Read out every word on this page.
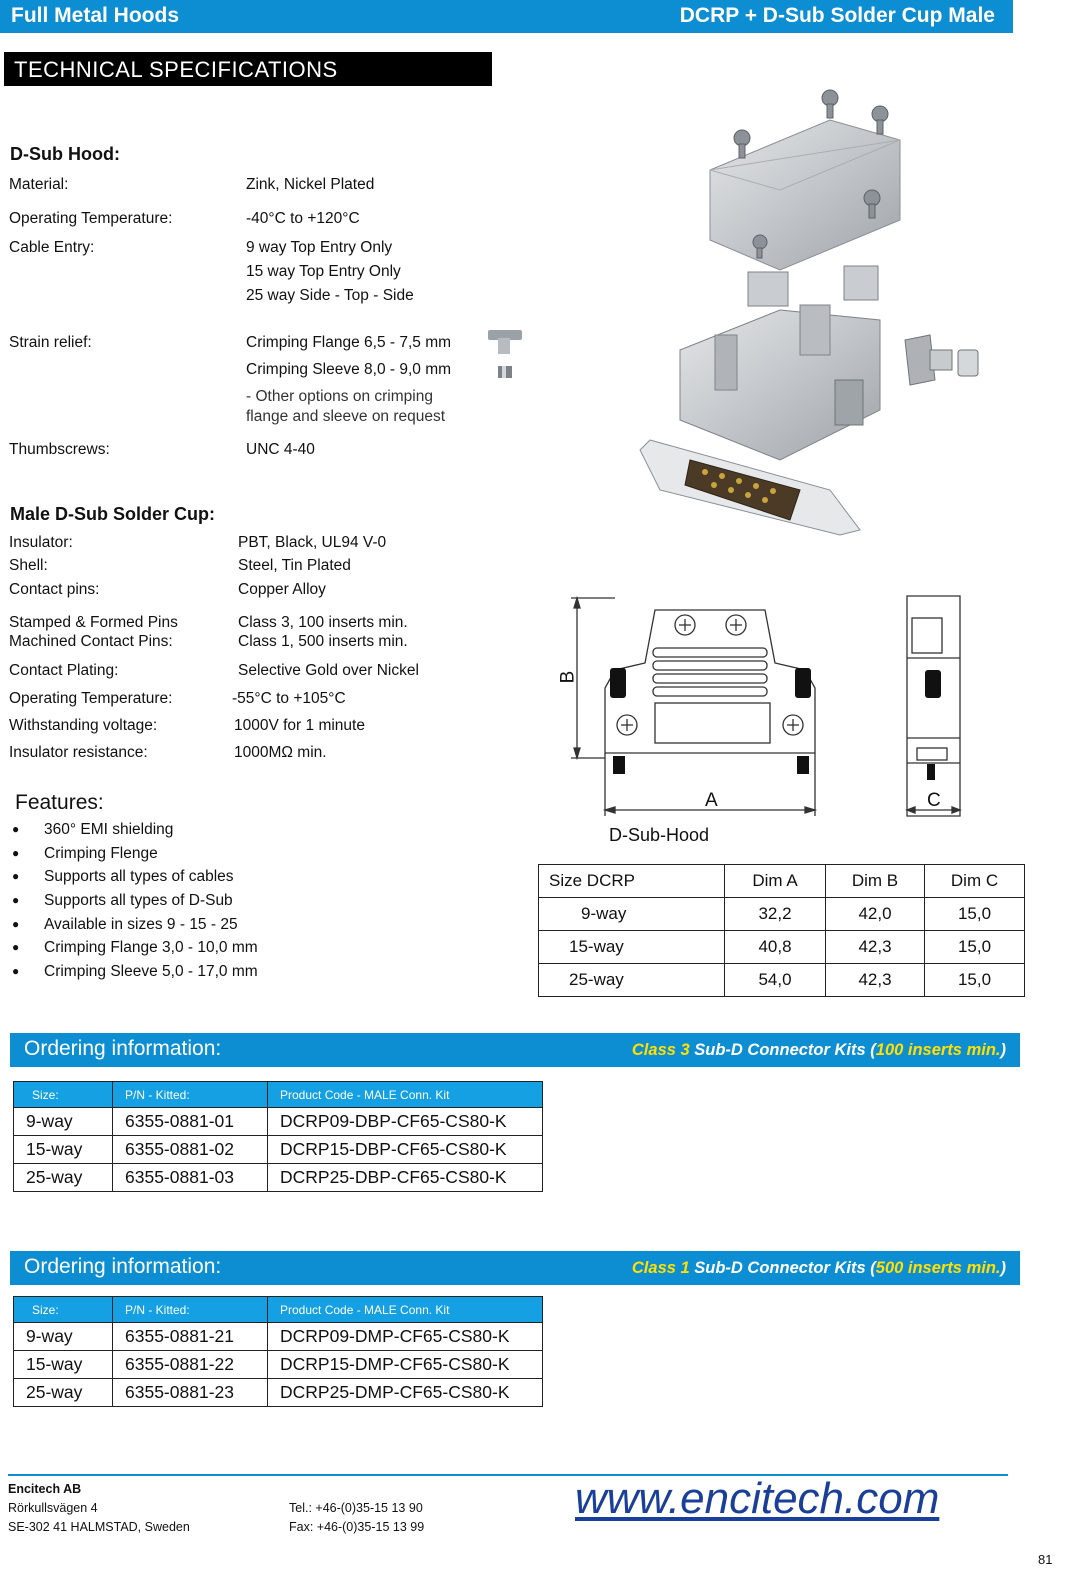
Full Metal Hoods	DCRP + D-Sub Solder Cup Male
TECHNICAL SPECIFICATIONS
D-Sub Hood:
Material:	Zink, Nickel Plated
Operating Temperature:	-40°C to +120°C
Cable Entry:	9 way Top Entry Only
15 way Top Entry Only
25 way Side - Top - Side
Strain relief:	Crimping Flange 6,5 - 7,5 mm
Crimping Sleeve 8,0 - 9,0 mm
- Other options on crimping
flange and sleeve on request
Thumbscrews:	UNC 4-40
Male D-Sub Solder Cup:
Insulator:	PBT, Black, UL94 V-0
Shell:	Steel, Tin Plated
Contact pins:	Copper Alloy
Stamped & Formed Pins	Class 3, 100 inserts min.
Machined Contact Pins:	Class 1, 500 inserts min.
Contact Plating:	Selective Gold over Nickel
Operating Temperature:	-55°C to +105°C
Withstanding voltage:	1000V for 1 minute
Insulator resistance:	1000MΩ min.
Features:
● 360° EMI shielding
● Crimping Flenge
● Supports all types of cables
● Supports all types of D-Sub
● Available in sizes 9 - 15 - 25
● Crimping Flange 3,0 - 10,0 mm
● Crimping Sleeve 5,0 - 17,0 mm
B
A	C
D-Sub-Hood
Size DCRP	Dim A	Dim B	Dim C
9-way	32,2	42,0	15,0
15-way	40,8	42,3	15,0
25-way	54,0	42,3	15,0
Ordering information:	Class 3 Sub-D Connector Kits (100 inserts min.)
Size:	P/N - Kitted:	Product Code - MALE Conn. Kit
9-way	6355-0881-01	DCRP09-DBP-CF65-CS80-K
15-way	6355-0881-02	DCRP15-DBP-CF65-CS80-K
25-way	6355-0881-03	DCRP25-DBP-CF65-CS80-K
Ordering information:	Class 1 Sub-D Connector Kits (500 inserts min.)
Size:	P/N - Kitted:	Product Code - MALE Conn. Kit
9-way	6355-0881-21	DCRP09-DMP-CF65-CS80-K
15-way	6355-0881-22	DCRP15-DMP-CF65-CS80-K
25-way	6355-0881-23	DCRP25-DMP-CF65-CS80-K
Encitech AB
Rörkullsvägen 4
SE-302 41 HALMSTAD, Sweden
Tel.: +46-(0)35-15 13 90
Fax: +46-(0)35-15 13 99
www.encitech.com
81
